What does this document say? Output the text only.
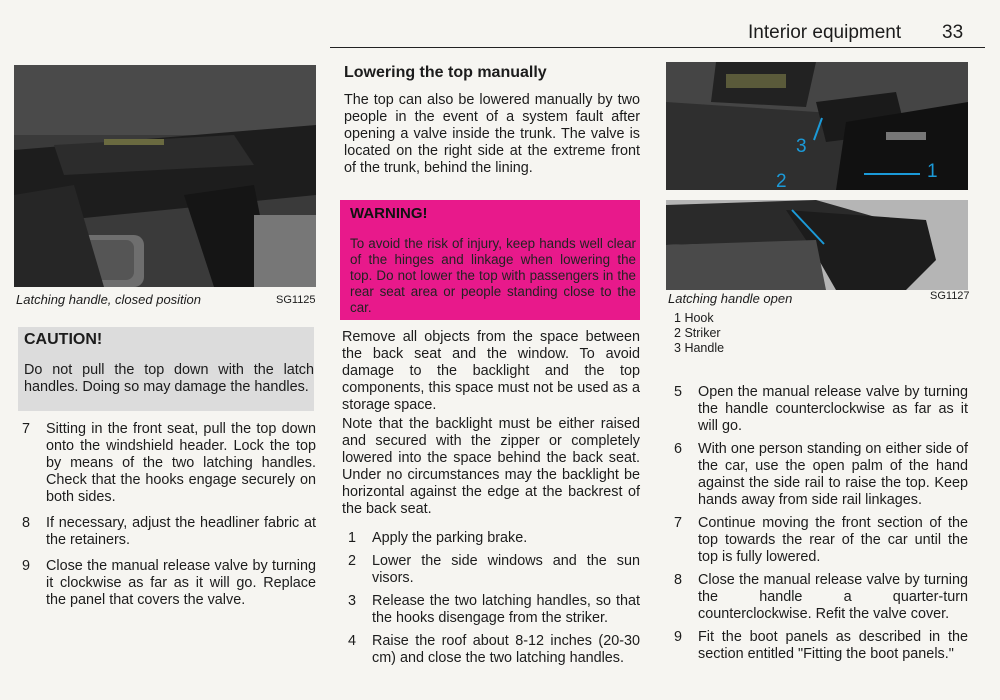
Interior equipment 33
Latching handle, closed position	SG1125
CAUTION!
Do not pull the top down with the latch handles. Doing so may damage the handles.
7 Sitting in the front seat, pull the top down onto the windshield header. Lock the top by means of the two latching handles. Check that the hooks engage securely on both sides.
8 If necessary, adjust the headliner fabric at the retainers.
9 Close the manual release valve by turning it clockwise as far as it will go. Replace the panel that covers the valve.
Lowering the top manually
The top can also be lowered manually by two people in the event of a system fault after opening a valve inside the trunk. The valve is located on the right side at the extreme front of the trunk, behind the lining.
WARNING!
To avoid the risk of injury, keep hands well clear of the hinges and linkage when lowering the top. Do not lower the top with passengers in the rear seat area or people standing close to the car.
Remove all objects from the space between the back seat and the window. To avoid damage to the backlight and the top components, this space must not be used as a storage space.
Note that the backlight must be either raised and secured with the zipper or completely lowered into the space behind the back seat. Under no circumstances may the backlight be horizontal against the edge at the backrest of the back seat.
1 Apply the parking brake.
2 Lower the side windows and the sun visors.
3 Release the two latching handles, so that the hooks disengage from the striker.
4 Raise the roof about 8-12 inches (20-30 cm) and close the two latching handles.
3
1
2
Latching handle open	SG1127
1 Hook
2 Striker
3 Handle
5 Open the manual release valve by turning the handle counterclockwise as far as it will go.
6 With one person standing on either side of the car, use the open palm of the hand against the side rail to raise the top. Keep hands away from side rail linkages.
7 Continue moving the front section of the top towards the rear of the car until the top is fully lowered.
8 Close the manual release valve by turning the handle a quarter-turn counterclockwise. Refit the valve cover.
9 Fit the boot panels as described in the section entitled "Fitting the boot panels."
